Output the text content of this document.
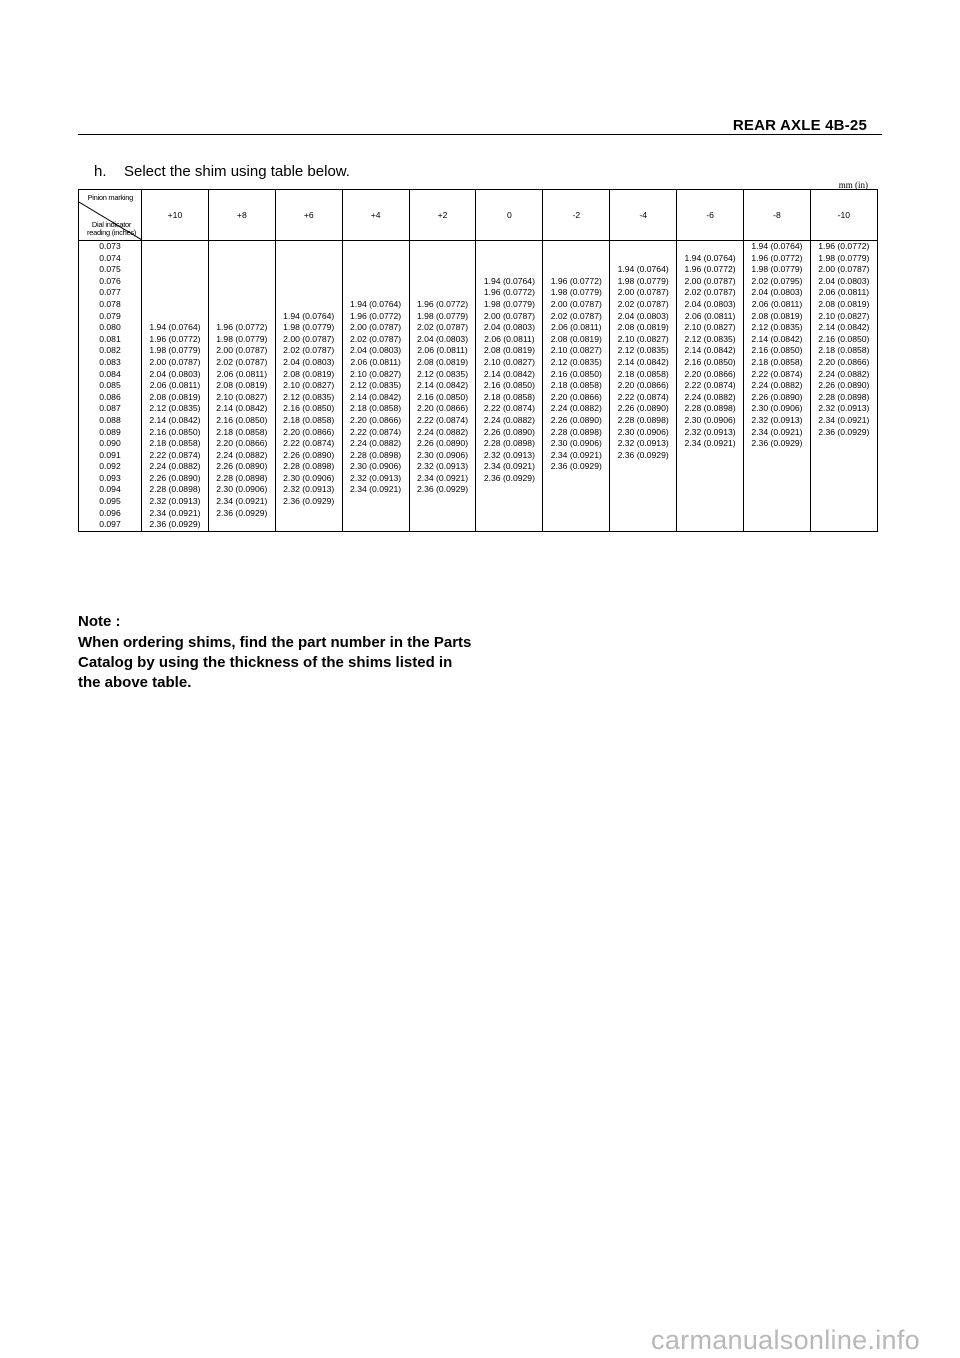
REAR AXLE 4B-25
h. Select the shim using table below.
mm (in)
Pinion marking
Dial indicator reading (inches)	+10	+8	+6	+4	+2	0	-2	-4	-6	-8	-10
0.073										1.94 (0.0764)	1.96 (0.0772)
0.074									1.94 (0.0764)	1.96 (0.0772)	1.98 (0.0779)
0.075								1.94 (0.0764)	1.96 (0.0772)	1.98 (0.0779)	2.00 (0.0787)
0.076						1.94 (0.0764)	1.96 (0.0772)	1.98 (0.0779)	2.00 (0.0787)	2.02 (0.0795)	2.04 (0.0803)
0.077						1.96 (0.0772)	1.98 (0.0779)	2.00 (0.0787)	2.02 (0.0787)	2.04 (0.0803)	2.06 (0.0811)
0.078				1.94 (0.0764)	1.96 (0.0772)	1.98 (0.0779)	2.00 (0.0787)	2.02 (0.0787)	2.04 (0.0803)	2.06 (0.0811)	2.08 (0.0819)
0.079			1.94 (0.0764)	1.96 (0.0772)	1.98 (0.0779)	2.00 (0.0787)	2.02 (0.0787)	2.04 (0.0803)	2.06 (0.0811)	2.08 (0.0819)	2.10 (0.0827)
0.080	1.94 (0.0764)	1.96 (0.0772)	1.98 (0.0779)	2.00 (0.0787)	2.02 (0.0787)	2.04 (0.0803)	2.06 (0.0811)	2.08 (0.0819)	2.10 (0.0827)	2.12 (0.0835)	2.14 (0.0842)
0.081	1.96 (0.0772)	1.98 (0.0779)	2.00 (0.0787)	2.02 (0.0787)	2.04 (0.0803)	2.06 (0.0811)	2.08 (0.0819)	2.10 (0.0827)	2.12 (0.0835)	2.14 (0.0842)	2.16 (0.0850)
0.082	1.98 (0.0779)	2.00 (0.0787)	2.02 (0.0787)	2.04 (0.0803)	2.06 (0.0811)	2.08 (0.0819)	2.10 (0.0827)	2.12 (0.0835)	2.14 (0.0842)	2.16 (0.0850)	2.18 (0.0858)
0.083	2.00 (0.0787)	2.02 (0.0787)	2.04 (0.0803)	2.06 (0.0811)	2.08 (0.0819)	2.10 (0.0827)	2.12 (0.0835)	2.14 (0.0842)	2.16 (0.0850)	2.18 (0.0858)	2.20 (0.0866)
0.084	2.04 (0.0803)	2.06 (0.0811)	2.08 (0.0819)	2.10 (0.0827)	2.12 (0.0835)	2.14 (0.0842)	2.16 (0.0850)	2.18 (0.0858)	2.20 (0.0866)	2.22 (0.0874)	2.24 (0.0882)
0.085	2.06 (0.0811)	2.08 (0.0819)	2.10 (0.0827)	2.12 (0.0835)	2.14 (0.0842)	2.16 (0.0850)	2.18 (0.0858)	2.20 (0.0866)	2.22 (0.0874)	2.24 (0.0882)	2.26 (0.0890)
0.086	2.08 (0.0819)	2.10 (0.0827)	2.12 (0.0835)	2.14 (0.0842)	2.16 (0.0850)	2.18 (0.0858)	2.20 (0.0866)	2.22 (0.0874)	2.24 (0.0882)	2.26 (0.0890)	2.28 (0.0898)
0.087	2.12 (0.0835)	2.14 (0.0842)	2.16 (0.0850)	2.18 (0.0858)	2.20 (0.0866)	2.22 (0.0874)	2.24 (0.0882)	2.26 (0.0890)	2.28 (0.0898)	2.30 (0.0906)	2.32 (0.0913)
0.088	2.14 (0.0842)	2.16 (0.0850)	2.18 (0.0858)	2.20 (0.0866)	2.22 (0.0874)	2.24 (0.0882)	2.26 (0.0890)	2.28 (0.0898)	2.30 (0.0906)	2.32 (0.0913)	2.34 (0.0921)
0.089	2.16 (0.0850)	2.18 (0.0858)	2.20 (0.0866)	2.22 (0.0874)	2.24 (0.0882)	2.26 (0.0890)	2.28 (0.0898)	2.30 (0.0906)	2.32 (0.0913)	2.34 (0.0921)	2.36 (0.0929)
0.090	2.18 (0.0858)	2.20 (0.0866)	2.22 (0.0874)	2.24 (0.0882)	2.26 (0.0890)	2.28 (0.0898)	2.30 (0.0906)	2.32 (0.0913)	2.34 (0.0921)	2.36 (0.0929)	
0.091	2.22 (0.0874)	2.24 (0.0882)	2.26 (0.0890)	2.28 (0.0898)	2.30 (0.0906)	2.32 (0.0913)	2.34 (0.0921)	2.36 (0.0929)			
0.092	2.24 (0.0882)	2.26 (0.0890)	2.28 (0.0898)	2.30 (0.0906)	2.32 (0.0913)	2.34 (0.0921)	2.36 (0.0929)				
0.093	2.26 (0.0890)	2.28 (0.0898)	2.30 (0.0906)	2.32 (0.0913)	2.34 (0.0921)	2.36 (0.0929)					
0.094	2.28 (0.0898)	2.30 (0.0906)	2.32 (0.0913)	2.34 (0.0921)	2.36 (0.0929)						
0.095	2.32 (0.0913)	2.34 (0.0921)	2.36 (0.0929)								
0.096	2.34 (0.0921)	2.36 (0.0929)									
0.097	2.36 (0.0929)										
Note :
When ordering shims, find the part number in the Parts Catalog by using the thickness of the shims listed in the above table.
carmanualsonline.info
